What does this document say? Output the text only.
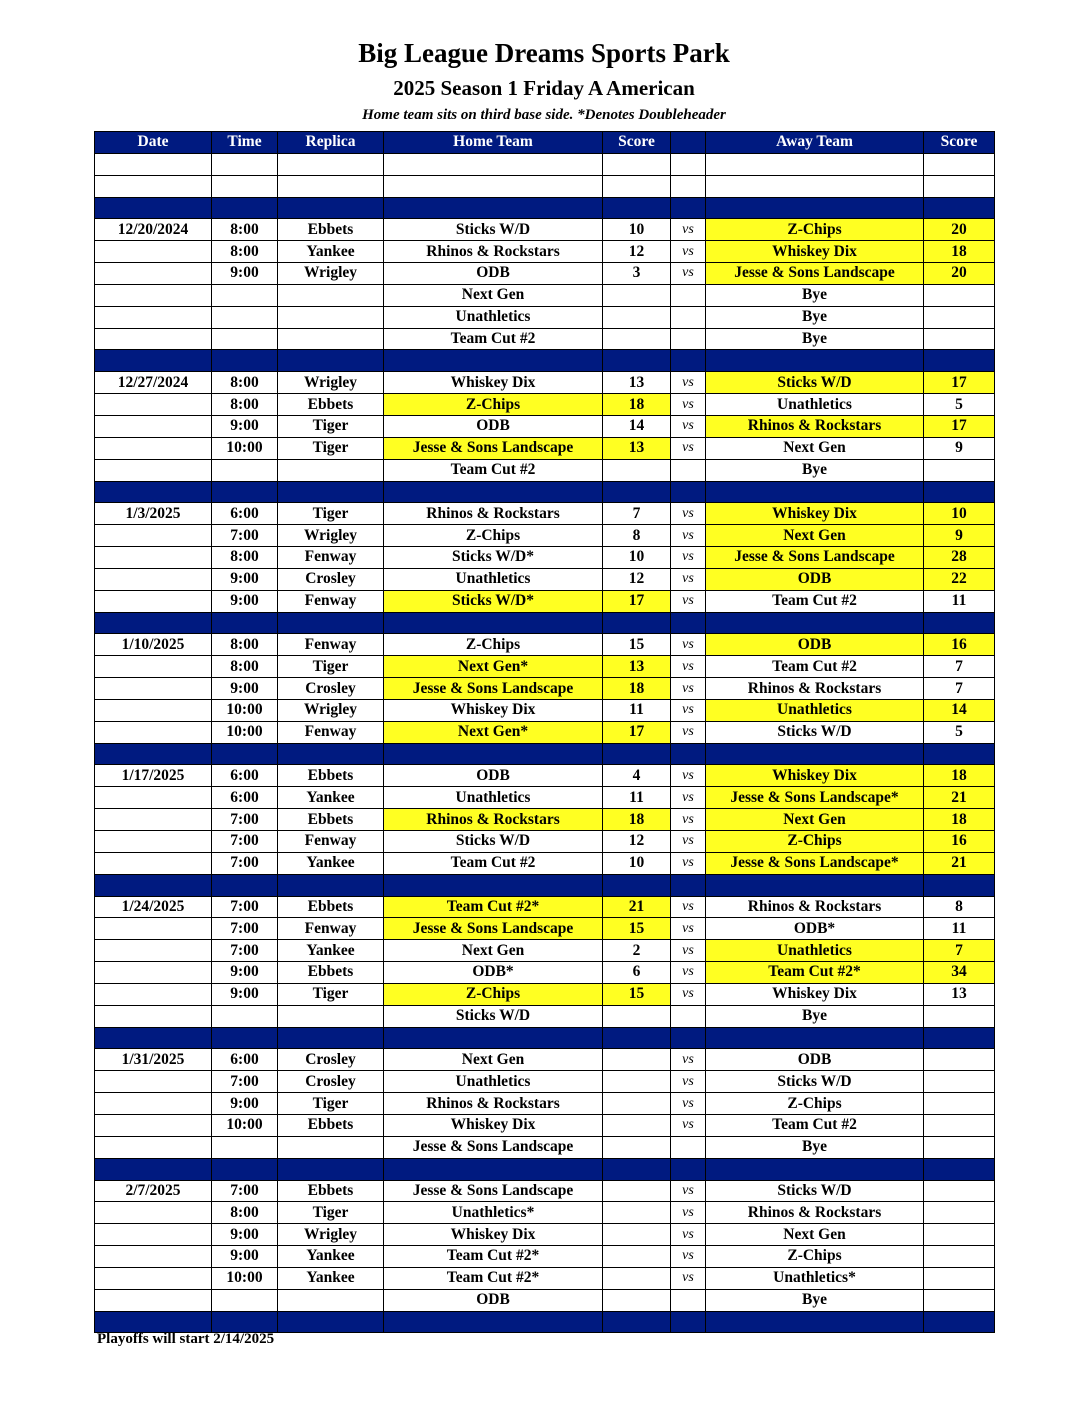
Big League Dreams Sports Park
2025 Season 1 Friday A American
Home team sits on third base side. *Denotes Doubleheader
Date	Time	Replica	Home Team	Score		Away Team	Score

12/20/2024	8:00	Ebbets	Sticks W/D	10	vs	Z-Chips	20
	8:00	Yankee	Rhinos & Rockstars	12	vs	Whiskey Dix	18
	9:00	Wrigley	ODB	3	vs	Jesse & Sons Landscape	20
			Next Gen			Bye	
			Unathletics			Bye	
			Team Cut #2			Bye	

12/27/2024	8:00	Wrigley	Whiskey Dix	13	vs	Sticks W/D	17
	8:00	Ebbets	Z-Chips	18	vs	Unathletics	5
	9:00	Tiger	ODB	14	vs	Rhinos & Rockstars	17
	10:00	Tiger	Jesse & Sons Landscape	13	vs	Next Gen	9
			Team Cut #2			Bye	

1/3/2025	6:00	Tiger	Rhinos & Rockstars	7	vs	Whiskey Dix	10
	7:00	Wrigley	Z-Chips	8	vs	Next Gen	9
	8:00	Fenway	Sticks W/D*	10	vs	Jesse & Sons Landscape	28
	9:00	Crosley	Unathletics	12	vs	ODB	22
	9:00	Fenway	Sticks W/D*	17	vs	Team Cut #2	11

1/10/2025	8:00	Fenway	Z-Chips	15	vs	ODB	16
	8:00	Tiger	Next Gen*	13	vs	Team Cut #2	7
	9:00	Crosley	Jesse & Sons Landscape	18	vs	Rhinos & Rockstars	7
	10:00	Wrigley	Whiskey Dix	11	vs	Unathletics	14
	10:00	Fenway	Next Gen*	17	vs	Sticks W/D	5

1/17/2025	6:00	Ebbets	ODB	4	vs	Whiskey Dix	18
	6:00	Yankee	Unathletics	11	vs	Jesse & Sons Landscape*	21
	7:00	Ebbets	Rhinos & Rockstars	18	vs	Next Gen	18
	7:00	Fenway	Sticks W/D	12	vs	Z-Chips	16
	7:00	Yankee	Team Cut #2	10	vs	Jesse & Sons Landscape*	21

1/24/2025	7:00	Ebbets	Team Cut #2*	21	vs	Rhinos & Rockstars	8
	7:00	Fenway	Jesse & Sons Landscape	15	vs	ODB*	11
	7:00	Yankee	Next Gen	2	vs	Unathletics	7
	9:00	Ebbets	ODB*	6	vs	Team Cut #2*	34
	9:00	Tiger	Z-Chips	15	vs	Whiskey Dix	13
			Sticks W/D			Bye	

1/31/2025	6:00	Crosley	Next Gen		vs	ODB	
	7:00	Crosley	Unathletics		vs	Sticks W/D	
	9:00	Tiger	Rhinos & Rockstars		vs	Z-Chips	
	10:00	Ebbets	Whiskey Dix		vs	Team Cut #2	
			Jesse & Sons Landscape			Bye	

2/7/2025	7:00	Ebbets	Jesse & Sons Landscape		vs	Sticks W/D	
	8:00	Tiger	Unathletics*		vs	Rhinos & Rockstars	
	9:00	Wrigley	Whiskey Dix		vs	Next Gen	
	9:00	Yankee	Team Cut #2*		vs	Z-Chips	
	10:00	Yankee	Team Cut #2*		vs	Unathletics*	
			ODB			Bye	

Playoffs will start 2/14/2025
